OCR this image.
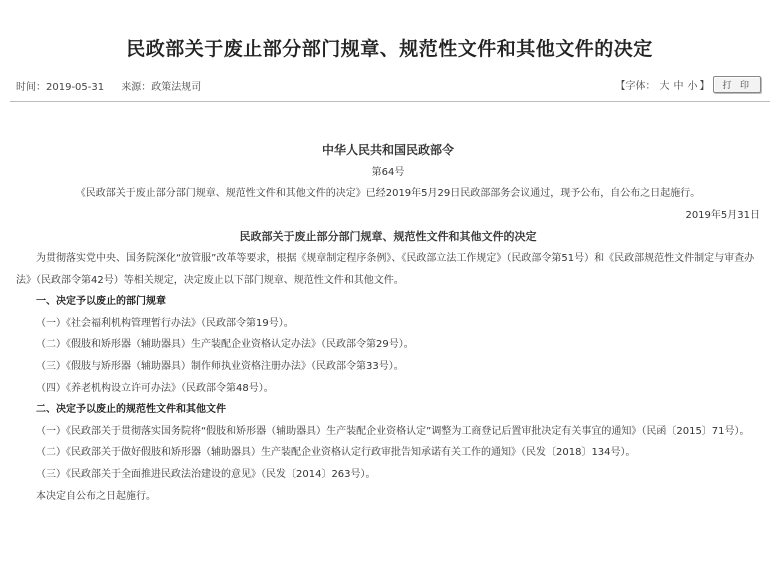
民政部关于废止部分部门规章、规范性文件和其他文件的决定
时间：2019-05-31 来源：政策法规司	【字体： 大 中 小 】	打 印

中华人民共和国民政部令

第64号

《民政部关于废止部分部门规章、规范性文件和其他文件的决定》已经2019年5月29日民政部部务会议通过，现予公布，自公布之日起施行。

2019年5月31日

民政部关于废止部分部门规章、规范性文件和其他文件的决定

为贯彻落实党中央、国务院深化“放管服”改革等要求，根据《规章制定程序条例》、《民政部立法工作规定》（民政部令第51号）和《民政部规范性文件制定与审查办法》（民政部令第42号）等相关规定，决定废止以下部门规章、规范性文件和其他文件。

一、决定予以废止的部门规章

（一）《社会福利机构管理暂行办法》（民政部令第19号）。

（二）《假肢和矫形器（辅助器具）生产装配企业资格认定办法》（民政部令第29号）。

（三）《假肢与矫形器（辅助器具）制作师执业资格注册办法》（民政部令第33号）。

（四）《养老机构设立许可办法》（民政部令第48号）。

二、决定予以废止的规范性文件和其他文件

（一）《民政部关于贯彻落实国务院将“假肢和矫形器（辅助器具）生产装配企业资格认定”调整为工商登记后置审批决定有关事宜的通知》（民函〔2015〕71号）。

（二）《民政部关于做好假肢和矫形器（辅助器具）生产装配企业资格认定行政审批告知承诺有关工作的通知》（民发〔2018〕134号）。

（三）《民政部关于全面推进民政法治建设的意见》（民发〔2014〕263号）。

本决定自公布之日起施行。
